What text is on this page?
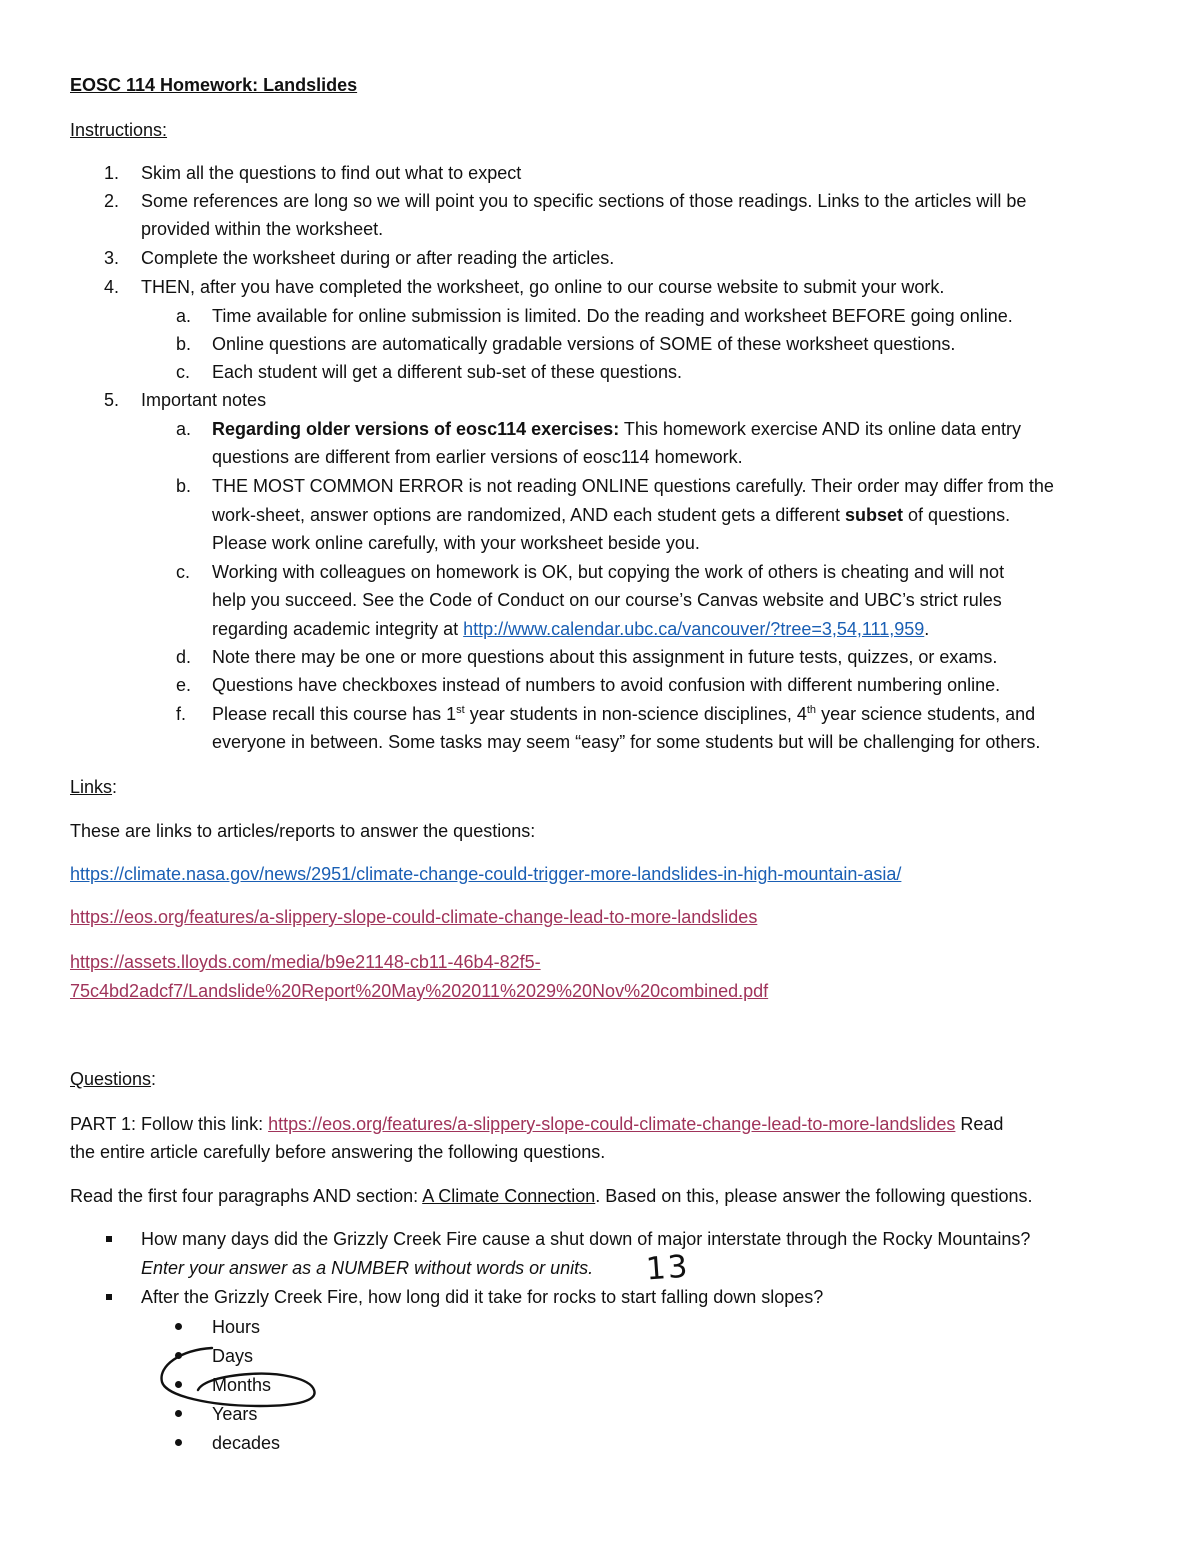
EOSC 114 Homework: Landslides
Instructions:
1. Skim all the questions to find out what to expect
2. Some references are long so we will point you to specific sections of those readings. Links to the articles will be
provided within the worksheet.
3. Complete the worksheet during or after reading the articles.
4. THEN, after you have completed the worksheet, go online to our course website to submit your work.
a. Time available for online submission is limited. Do the reading and worksheet BEFORE going online.
b. Online questions are automatically gradable versions of SOME of these worksheet questions.
c. Each student will get a different sub-set of these questions.
5. Important notes
a. Regarding older versions of eosc114 exercises: This homework exercise AND its online data entry
questions are different from earlier versions of eosc114 homework.
b. THE MOST COMMON ERROR is not reading ONLINE questions carefully. Their order may differ from the
work-sheet, answer options are randomized, AND each student gets a different subset of questions.
Please work online carefully, with your worksheet beside you.
c. Working with colleagues on homework is OK, but copying the work of others is cheating and will not
help you succeed. See the Code of Conduct on our course’s Canvas website and UBC’s strict rules
regarding academic integrity at http://www.calendar.ubc.ca/vancouver/?tree=3,54,111,959.
d. Note there may be one or more questions about this assignment in future tests, quizzes, or exams.
e. Questions have checkboxes instead of numbers to avoid confusion with different numbering online.
f. Please recall this course has 1st year students in non-science disciplines, 4th year science students, and
everyone in between. Some tasks may seem “easy” for some students but will be challenging for others.
Links:
These are links to articles/reports to answer the questions:
https://climate.nasa.gov/news/2951/climate-change-could-trigger-more-landslides-in-high-mountain-asia/
https://eos.org/features/a-slippery-slope-could-climate-change-lead-to-more-landslides
https://assets.lloyds.com/media/b9e21148-cb11-46b4-82f5-
75c4bd2adcf7/Landslide%20Report%20May%202011%2029%20Nov%20combined.pdf
Questions:
PART 1: Follow this link: https://eos.org/features/a-slippery-slope-could-climate-change-lead-to-more-landslides Read
the entire article carefully before answering the following questions.
Read the first four paragraphs AND section: A Climate Connection. Based on this, please answer the following questions.
How many days did the Grizzly Creek Fire cause a shut down of major interstate through the Rocky Mountains?
Enter your answer as a NUMBER without words or units. 13
After the Grizzly Creek Fire, how long did it take for rocks to start falling down slopes?
Hours
Days
Months
Years
decades
